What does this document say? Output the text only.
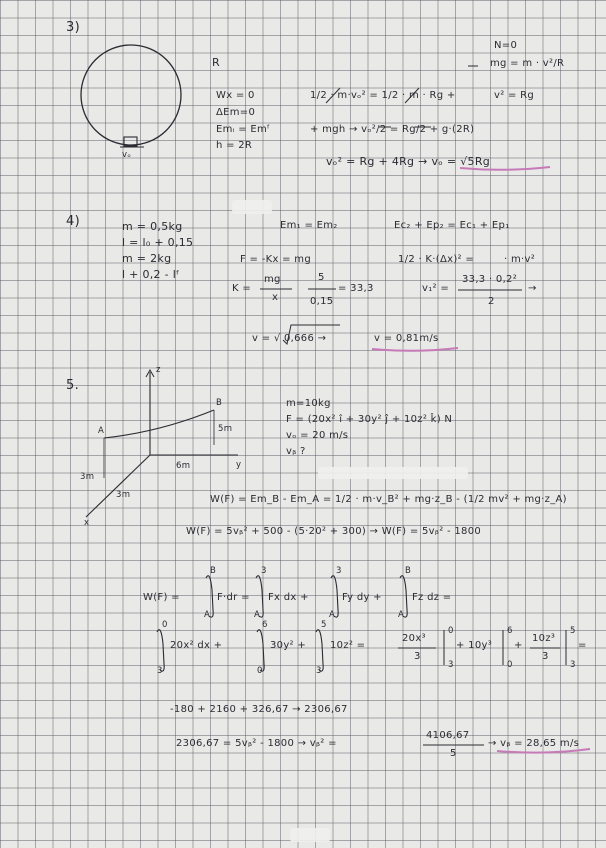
3)
R
Wx = 0
ΔEm=0
Emᵢ = Emᶠ
h = 2R
vₒ
1/2 · m·vₒ² = 1/2 · m · Rg +
+ mgh → vₒ²/2 = Rg/2 + g·(2R)
vₒ² = Rg + 4Rg → vₒ = √5Rg
N=0
mg = m · v²/R
v² = Rg
4)	m = 0,5kg
l = l₀ + 0,15
m = 2kg
l + 0,2 - lᶠ
Em₁ = Em₂	Ec₂ + Ep₂ = Ec₁ + Ep₁
F = -Kx = mg	1/2 · K·(Δx)² =	· m·v²
K =
mg
x
5
0,15
= 33,3	v₁² =
33,3 · 0,2²
2
→
v = √ 0,666 →	v = 0,81m/s
5.
z
y
x
A
B
5m
6m
3m
3m
m=10kg
F = (20x² î + 30y² ĵ + 10z² k̂) N
vₒ = 20 m/s
vᵦ ?
W(F) = Em_B - Em_A = 1/2 · m·v_B² + mg·z_B - (1/2 mv² + mg·z_A)
W(F) = 5vᵦ² + 500 - (5·20² + 300) → W(F) = 5vᵦ² - 1800
W(F) =	F·dr = Fx dx +	Fy dy +	Fz dz =
B
A
3
A
3
A
B
A
20x² dx +	30y² + 10z² =
20x³
3
+ 10y³ +
10z³
3
=
0
3
6
0
5
3
0
3
6
0
5
3
-180 + 2160 + 326,67 → 2306,67
2306,67 = 5vᵦ² - 1800 → vᵦ² =
4106,67
5
→ vᵦ = 28,65 m/s
